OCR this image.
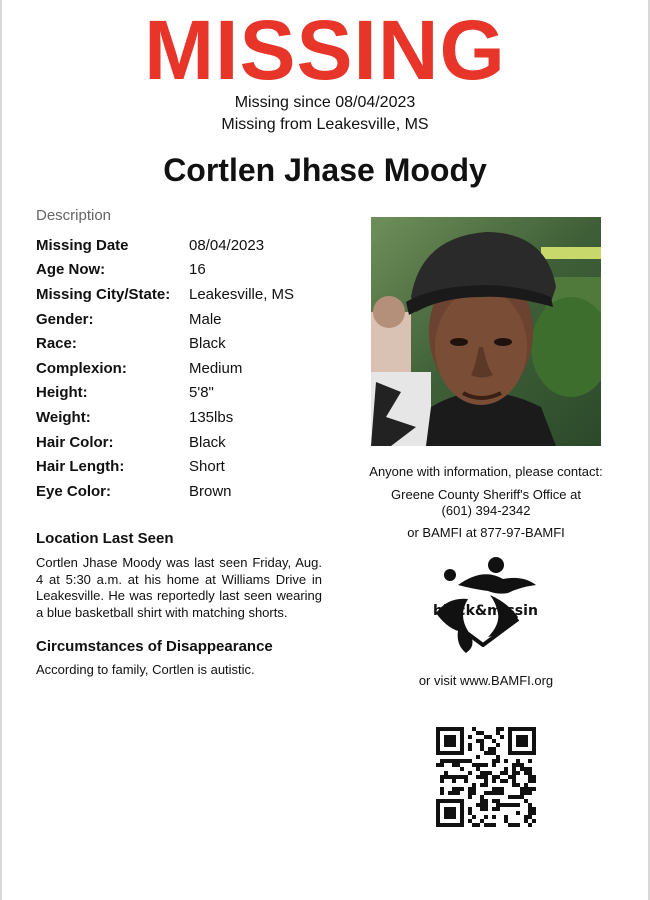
MISSING
Missing since 08/04/2023
Missing from Leakesville, MS
Cortlen Jhase Moody
Description
Missing Date	08/04/2023
Age Now:	16
Missing City/State:	Leakesville, MS
Gender:	Male
Race:	Black
Complexion:	Medium
Height:	5'8"
Weight:	135lbs
Hair Color:	Black
Hair Length:	Short
Eye Color:	Brown
Anyone with information, please contact:
Greene County Sheriff's Office at
(601) 394-2342
or BAMFI at 877-97-BAMFI
black&missing
or visit www.BAMFI.org
Location Last Seen
Cortlen Jhase Moody was last seen Friday, Aug. 4 at 5:30 a.m. at his home at Williams Drive in Leakesville. He was reportedly last seen wearing a blue basketball shirt with matching shorts.
Circumstances of Disappearance
According to family, Cortlen is autistic.
